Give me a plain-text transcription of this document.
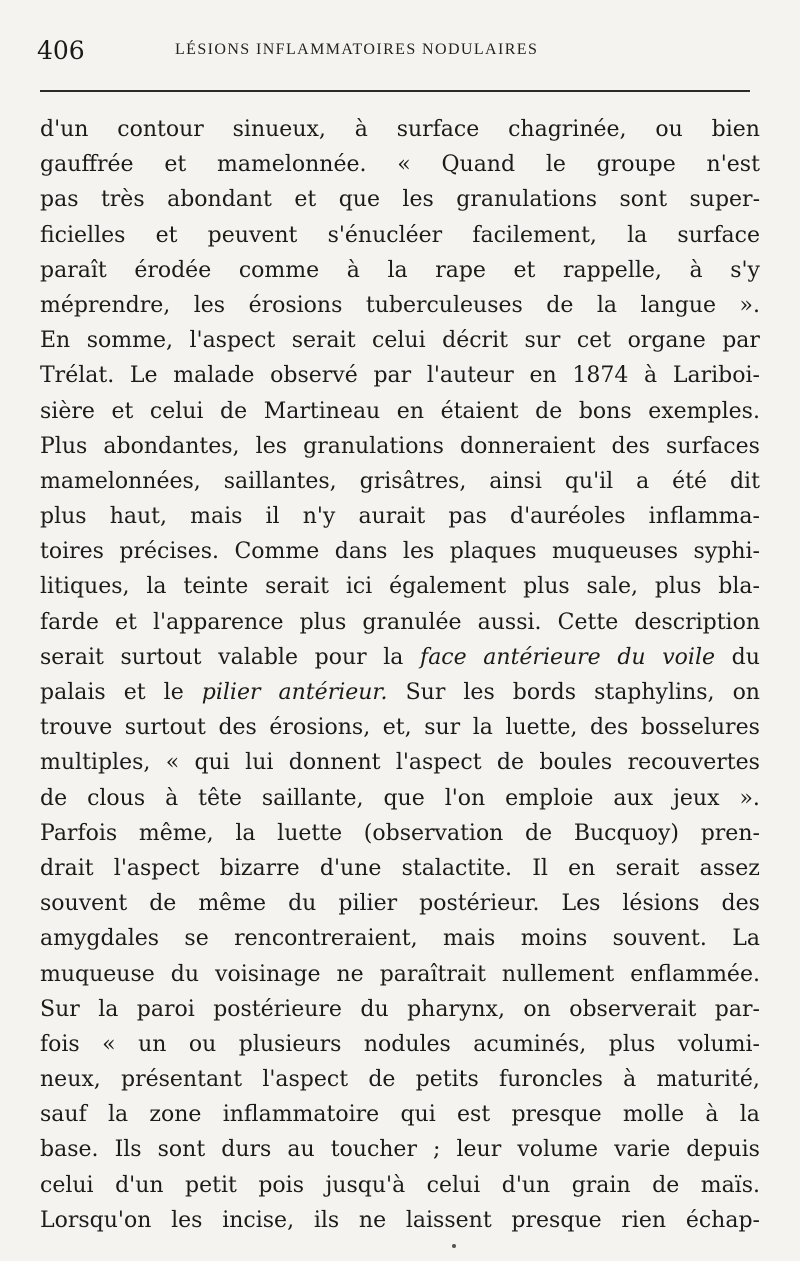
406	LÉSIONS INFLAMMATOIRES NODULAIRES
d'un contour sinueux, à surface chagrinée, ou bien
gauffrée et mamelonnée. « Quand le groupe n'est
pas très abondant et que les granulations sont super-
ficielles et peuvent s'énucléer facilement, la surface
paraît érodée comme à la rape et rappelle, à s'y
méprendre, les érosions tuberculeuses de la langue ».
En somme, l'aspect serait celui décrit sur cet organe par
Trélat. Le malade observé par l'auteur en 1874 à Lariboi-
sière et celui de Martineau en étaient de bons exemples.
Plus abondantes, les granulations donneraient des surfaces
mamelonnées, saillantes, grisâtres, ainsi qu'il a été dit
plus haut, mais il n'y aurait pas d'auréoles inflamma-
toires précises. Comme dans les plaques muqueuses syphi-
litiques, la teinte serait ici également plus sale, plus bla-
farde et l'apparence plus granulée aussi. Cette description
serait surtout valable pour la face antérieure du voile du
palais et le pilier antérieur. Sur les bords staphylins, on
trouve surtout des érosions, et, sur la luette, des bosselures
multiples, « qui lui donnent l'aspect de boules recouvertes
de clous à tête saillante, que l'on emploie aux jeux ».
Parfois même, la luette (observation de Bucquoy) pren-
drait l'aspect bizarre d'une stalactite. Il en serait assez
souvent de même du pilier postérieur. Les lésions des
amygdales se rencontreraient, mais moins souvent. La
muqueuse du voisinage ne paraîtrait nullement enflammée.
Sur la paroi postérieure du pharynx, on observerait par-
fois « un ou plusieurs nodules acuminés, plus volumi-
neux, présentant l'aspect de petits furoncles à maturité,
sauf la zone inflammatoire qui est presque molle à la
base. Ils sont durs au toucher ; leur volume varie depuis
celui d'un petit pois jusqu'à celui d'un grain de maïs.
Lorsqu'on les incise, ils ne laissent presque rien échap-
